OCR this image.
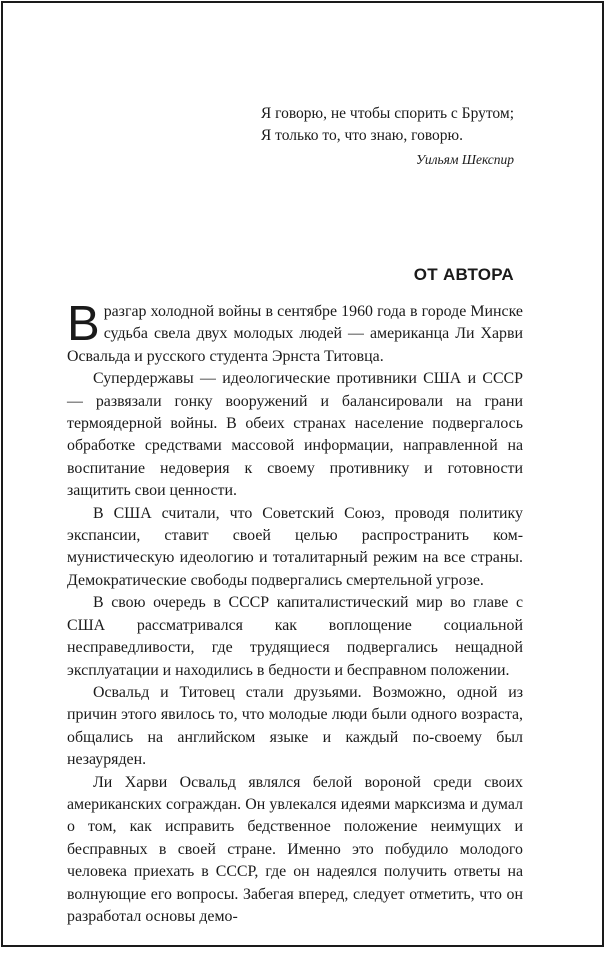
Я говорю, не чтобы спорить с Брутом;
Я только то, что знаю, говорю.
Уильям Шекспир
ОТ АВТОРА

В разгар холодной войны в сентябре 1960 года в городе Минске судьба свела двух молодых людей — американца Ли Харви Освальда и русского студента Эрнста Титовца.

Супердержавы — идеологические противники США и СССР — развязали гонку вооружений и балансировали на грани термоядерной войны. В обеих странах население подвергалось обработке средствами массовой информации, направленной на воспитание недоверия к своему противнику и готовности защитить свои ценности.

В США считали, что Советский Союз, проводя политику экспансии, ставит своей целью распространить коммунистическую идеологию и тоталитарный режим на все страны. Демократические свободы подвергались смертельной угрозе.

В свою очередь в СССР капиталистический мир во главе с США рассматривался как воплощение социальной несправедливости, где трудящиеся подвергались нещадной эксплуатации и находились в бедности и бесправном положении.

Освальд и Титовец стали друзьями. Возможно, одной из причин этого явилось то, что молодые люди были одного возраста, общались на английском языке и каждый по-своему был незауряден.

Ли Харви Освальд являлся белой вороной среди своих американских сограждан. Он увлекался идеями марксизма и думал о том, как исправить бедственное положение неимущих и бесправных в своей стране. Именно это побудило молодого человека приехать в СССР, где он надеялся получить ответы на волнующие его вопросы. Забегая вперед, следует отметить, что он разработал основы демо-
